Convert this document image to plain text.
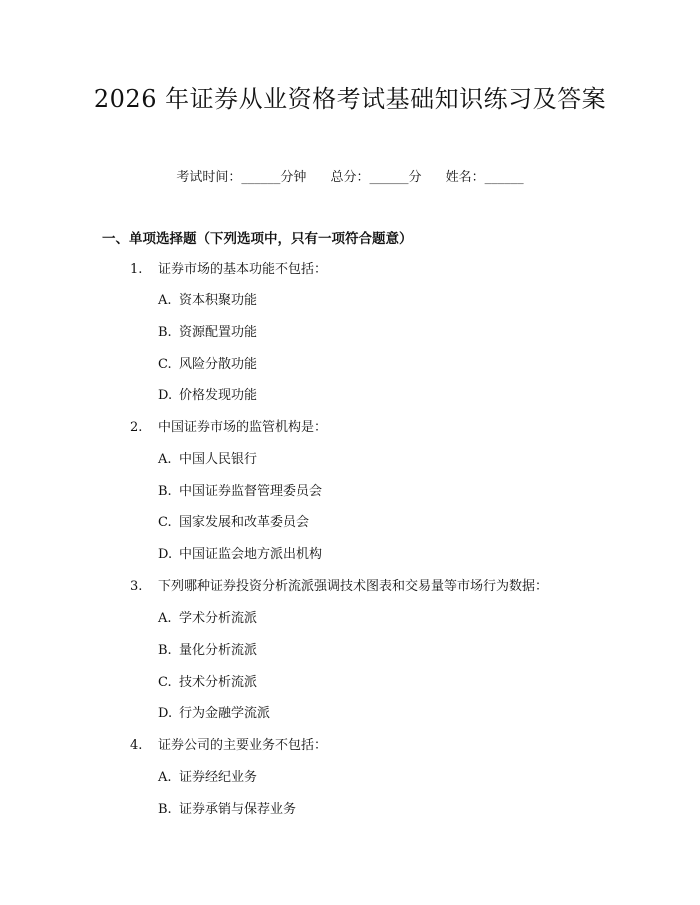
2026 年证券从业资格考试基础知识练习及答案
考试时间：______分钟 总分：______分 姓名：______
一、单项选择题（下列选项中，只有一项符合题意）
1. 证券市场的基本功能不包括：
A. 资本积聚功能
B. 资源配置功能
C. 风险分散功能
D. 价格发现功能
2. 中国证券市场的监管机构是：
A. 中国人民银行
B. 中国证券监督管理委员会
C. 国家发展和改革委员会
D. 中国证监会地方派出机构
3. 下列哪种证券投资分析流派强调技术图表和交易量等市场行为数据：
A. 学术分析流派
B. 量化分析流派
C. 技术分析流派
D. 行为金融学流派
4. 证券公司的主要业务不包括：
A. 证券经纪业务
B. 证券承销与保荐业务
